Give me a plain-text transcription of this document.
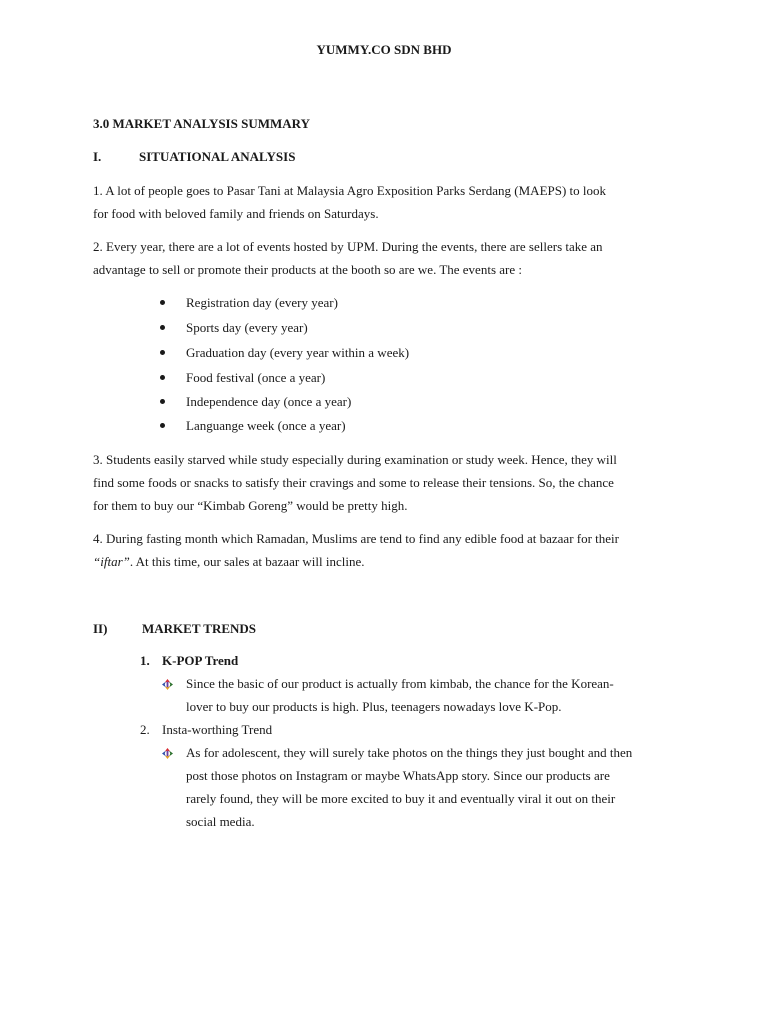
YUMMY.CO SDN BHD
3.0 MARKET ANALYSIS SUMMARY
I.	SITUATIONAL ANALYSIS
1. A lot of people goes to Pasar Tani at Malaysia Agro Exposition Parks Serdang (MAEPS) to look
for food with beloved family and friends on Saturdays.
2. Every year, there are a lot of events hosted by UPM. During the events, there are sellers take an
advantage to sell or promote their products at the booth so are we. The events are :
Registration day (every year)
Sports day (every year)
Graduation day (every year within a week)
Food festival (once a year)
Independence day (once a year)
Languange week (once a year)
3. Students easily starved while study especially during examination or study week. Hence, they will
find some foods or snacks to satisfy their cravings and some to release their tensions. So, the chance
for them to buy our “Kimbab Goreng” would be pretty high.
4. During fasting month which Ramadan, Muslims are tend to find any edible food at bazaar for their
“iftar”. At this time, our sales at bazaar will incline.
II)	MARKET TRENDS
1. K-POP Trend
Since the basic of our product is actually from kimbab, the chance for the Korean-
lover to buy our products is high. Plus, teenagers nowadays love K-Pop.
2. Insta-worthing Trend
As for adolescent, they will surely take photos on the things they just bought and then
post those photos on Instagram or maybe WhatsApp story. Since our products are
rarely found, they will be more excited to buy it and eventually viral it out on their
social media.
